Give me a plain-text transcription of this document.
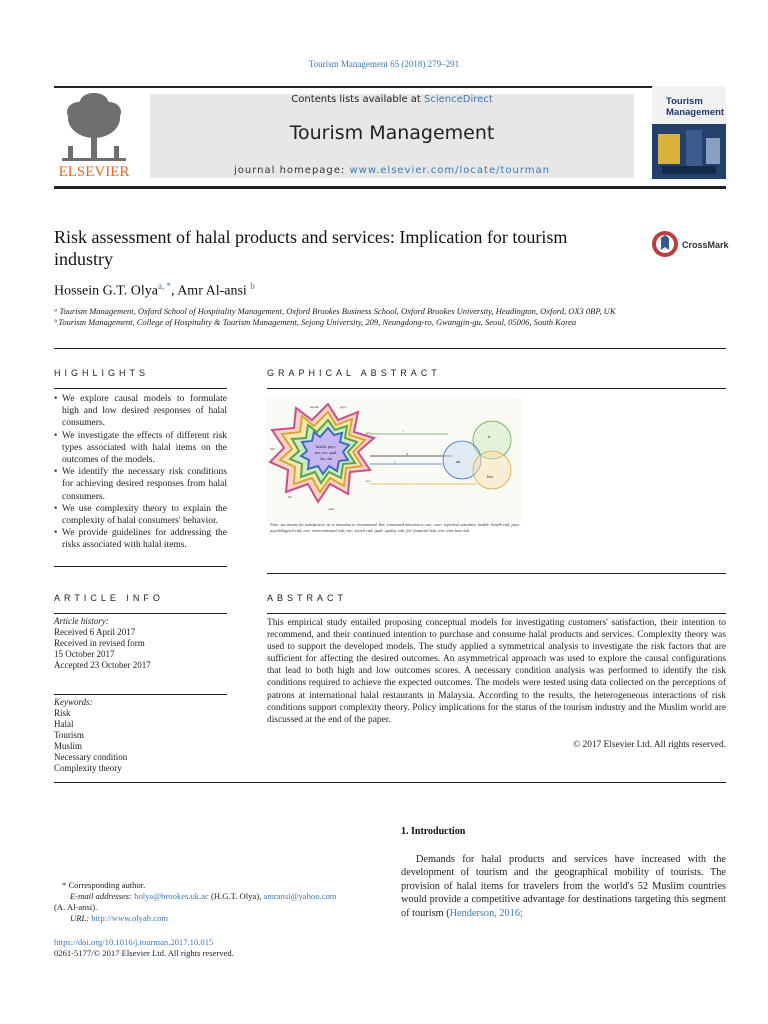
Tourism Management 65 (2018) 279–291
ELSEVIER
Contents lists available at ScienceDirect
Tourism Management
journal homepage: www.elsevier.com/locate/tourman
Tourism
Management
Risk assessment of halal products and services: Implication for tourism industry
CrossMark
Hossein G.T. Olya$^{a, *}$, Amr Al-ansi $^b$
ᵃ Tourism Management, Oxford School of Hospitality Management, Oxford Brookes Business School, Oxford Brookes University, Headington, Oxford, OX3 0BP, UK
ᵇ Tourism Management, College of Hospitality & Tourism Management, Sejong University, 209, Neungdong-ro, Gwangjin-gu, Seoul, 05006, South Korea
HIGHLIGHTS	GRAPHICAL ABSTRACT
• We explore causal models to formulate high and low desired responses of halal consumers.
• We investigate the effects of different risk types associated with halal items on the outcomes of the models.
• We identify the necessary risk conditions for achieving desired responses from halal consumers.
• We use complexity theory to explain the complexity of halal consumers' behavior.
• We provide guidelines for addressing the risks associated with halal items.
health, psyc,
env, soc, qual,
fin, tim
health	psyc
env
soc
qual
fin
tim
a
d
b
c
tr
sat
Itm
Note: sat means for satisfaction, itr is intention to recommend, Itm: continued intention to use, over: reported outcomes, health: health risk, psyc: psychological risk, env: environmental risk, soc: social risk, qual: quality risk, fin: financial risk, tim: time loss risk.
ARTICLE INFO	ABSTRACT
Article history:
Received 6 April 2017
Received in revised form
15 October 2017
Accepted 23 October 2017
Keywords:
Risk
Halal
Tourism
Muslim
Necessary condition
Complexity theory
This empirical study entailed proposing conceptual models for investigating customers' satisfaction, their intention to recommend, and their continued intention to purchase and consume halal products and services. Complexity theory was used to support the developed models. The study applied a symmetrical analysis to investigate the risk factors that are sufficient for affecting the desired outcomes. An asymmetrical approach was used to explore the causal configurations that lead to both high and low outcomes scores. A necessary condition analysis was performed to identify the risk conditions required to achieve the expected outcomes. The models were tested using data collected on the perceptions of patrons at international halal restaurants in Malaysia. According to the results, the heterogeneous interactions of risk conditions support complexity theory. Policy implications for the status of the tourism industry and the Muslim world are discussed at the end of the paper.
© 2017 Elsevier Ltd. All rights reserved.
1. Introduction
Demands for halal products and services have increased with the development of tourism and the geographical mobility of tourists. The provision of halal items for travelers from the world's 52 Muslim countries would provide a competitive advantage for destinations targeting this segment of tourism (Henderson, 2016;
* Corresponding author.
E-mail addresses: holya@brookes.uk.ac (H.G.T. Olya), amransi@yahoo.com
(A. Al-ansi).
URL: http://www.olyah.com
https://doi.org/10.1016/j.tourman.2017.10.015
0261-5177/© 2017 Elsevier Ltd. All rights reserved.
